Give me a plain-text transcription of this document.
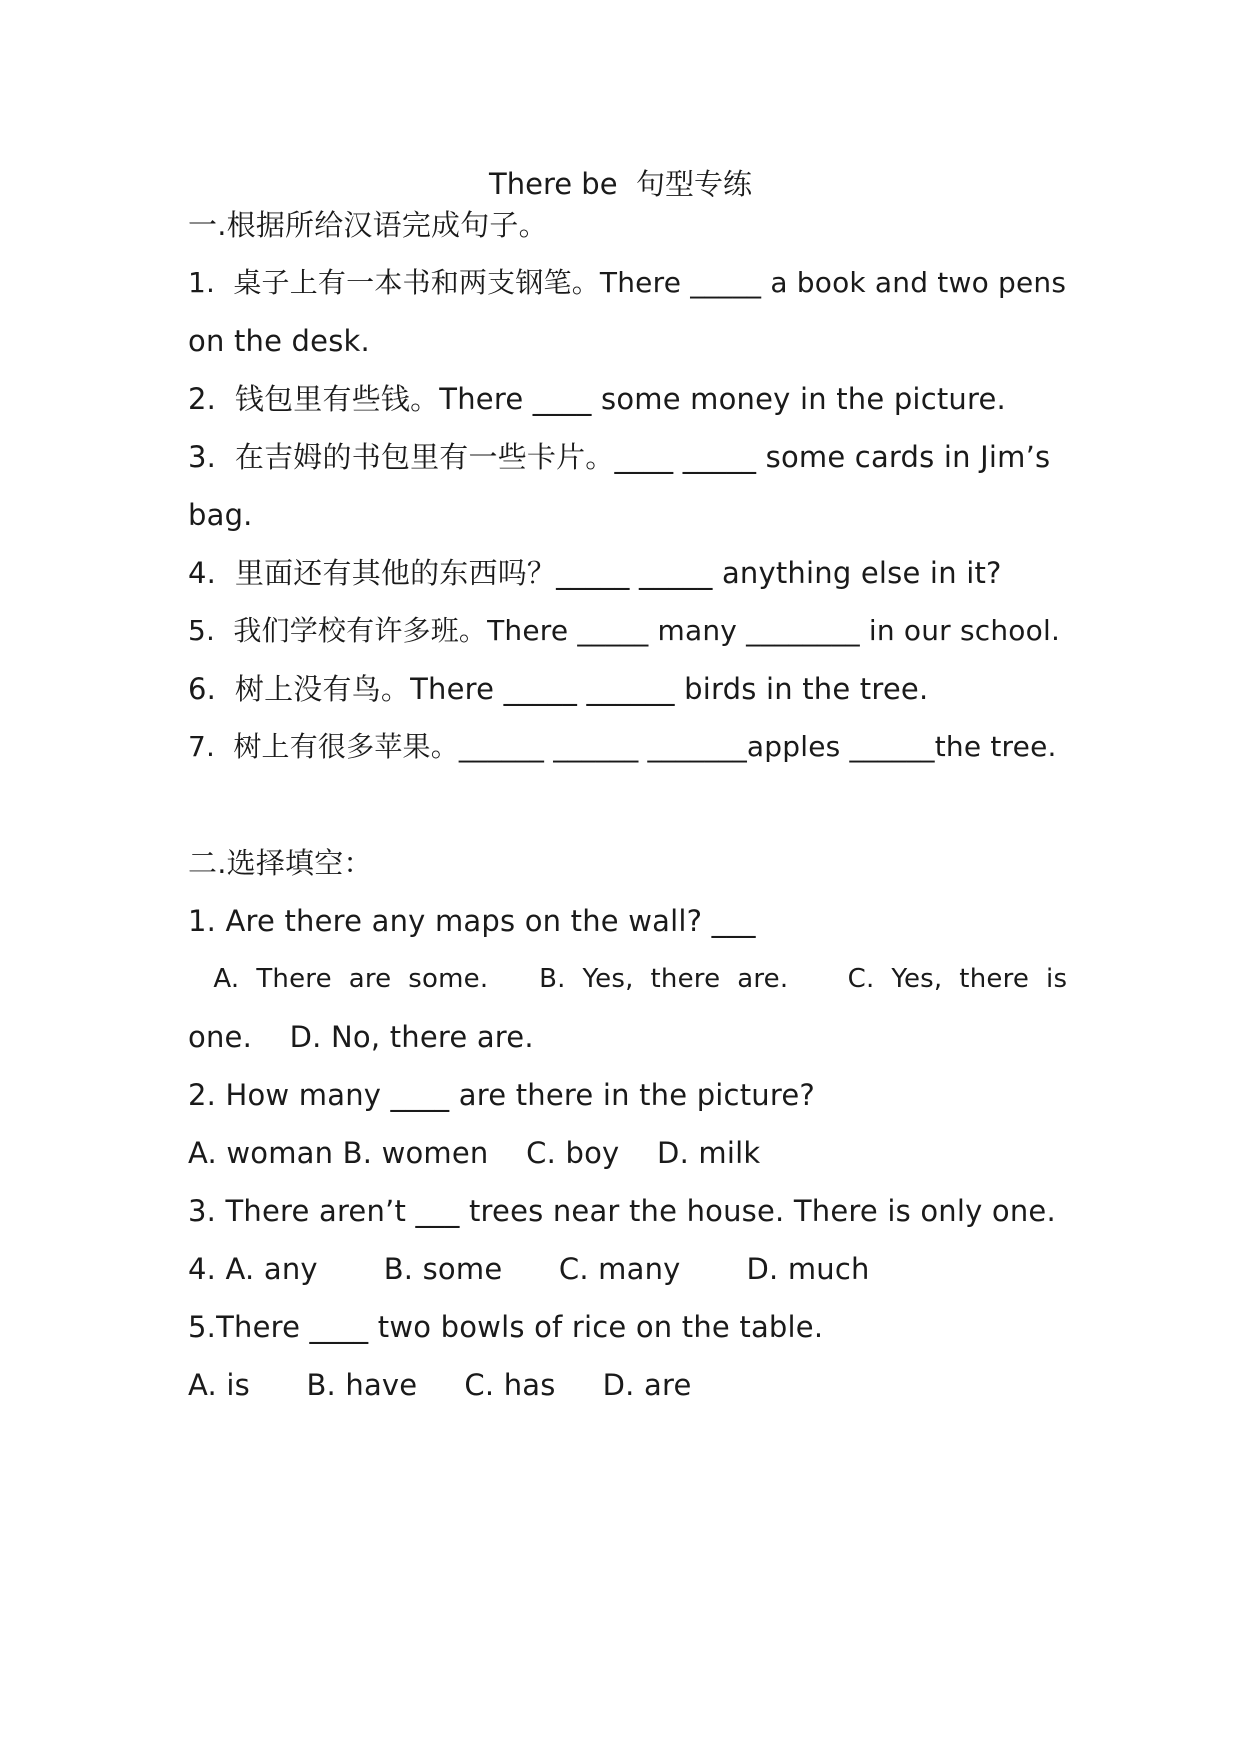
There be  句型专练
一.根据所给汉语完成句子。
1.  桌子上有一本书和两支钢笔。There _____ a book and two pens
on the desk.
2.  钱包里有些钱。There ____ some money in the picture.
3.  在吉姆的书包里有一些卡片。____ _____ some cards in Jim’s
bag.
4.  里面还有其他的东西吗？_____ _____ anything else in it?
5.  我们学校有许多班。There _____ many ________ in our school.
6.  树上没有鸟。There _____ ______ birds in the tree.
7.  树上有很多苹果。______ ______ _______apples ______the tree.
二.选择填空：
1. Are there any maps on the wall? ___
A.  There  are  some.      B.  Yes,  there  are.       C.  Yes,  there  is
one.    D. No, there are.
2. How many ____ are there in the picture?
A. woman B. women    C. boy    D. milk
3. There aren’t ___ trees near the house. There is only one.
4. A. any       B. some      C. many       D. much
5.There ____ two bowls of rice on the table.
A. is      B. have     C. has     D. are
